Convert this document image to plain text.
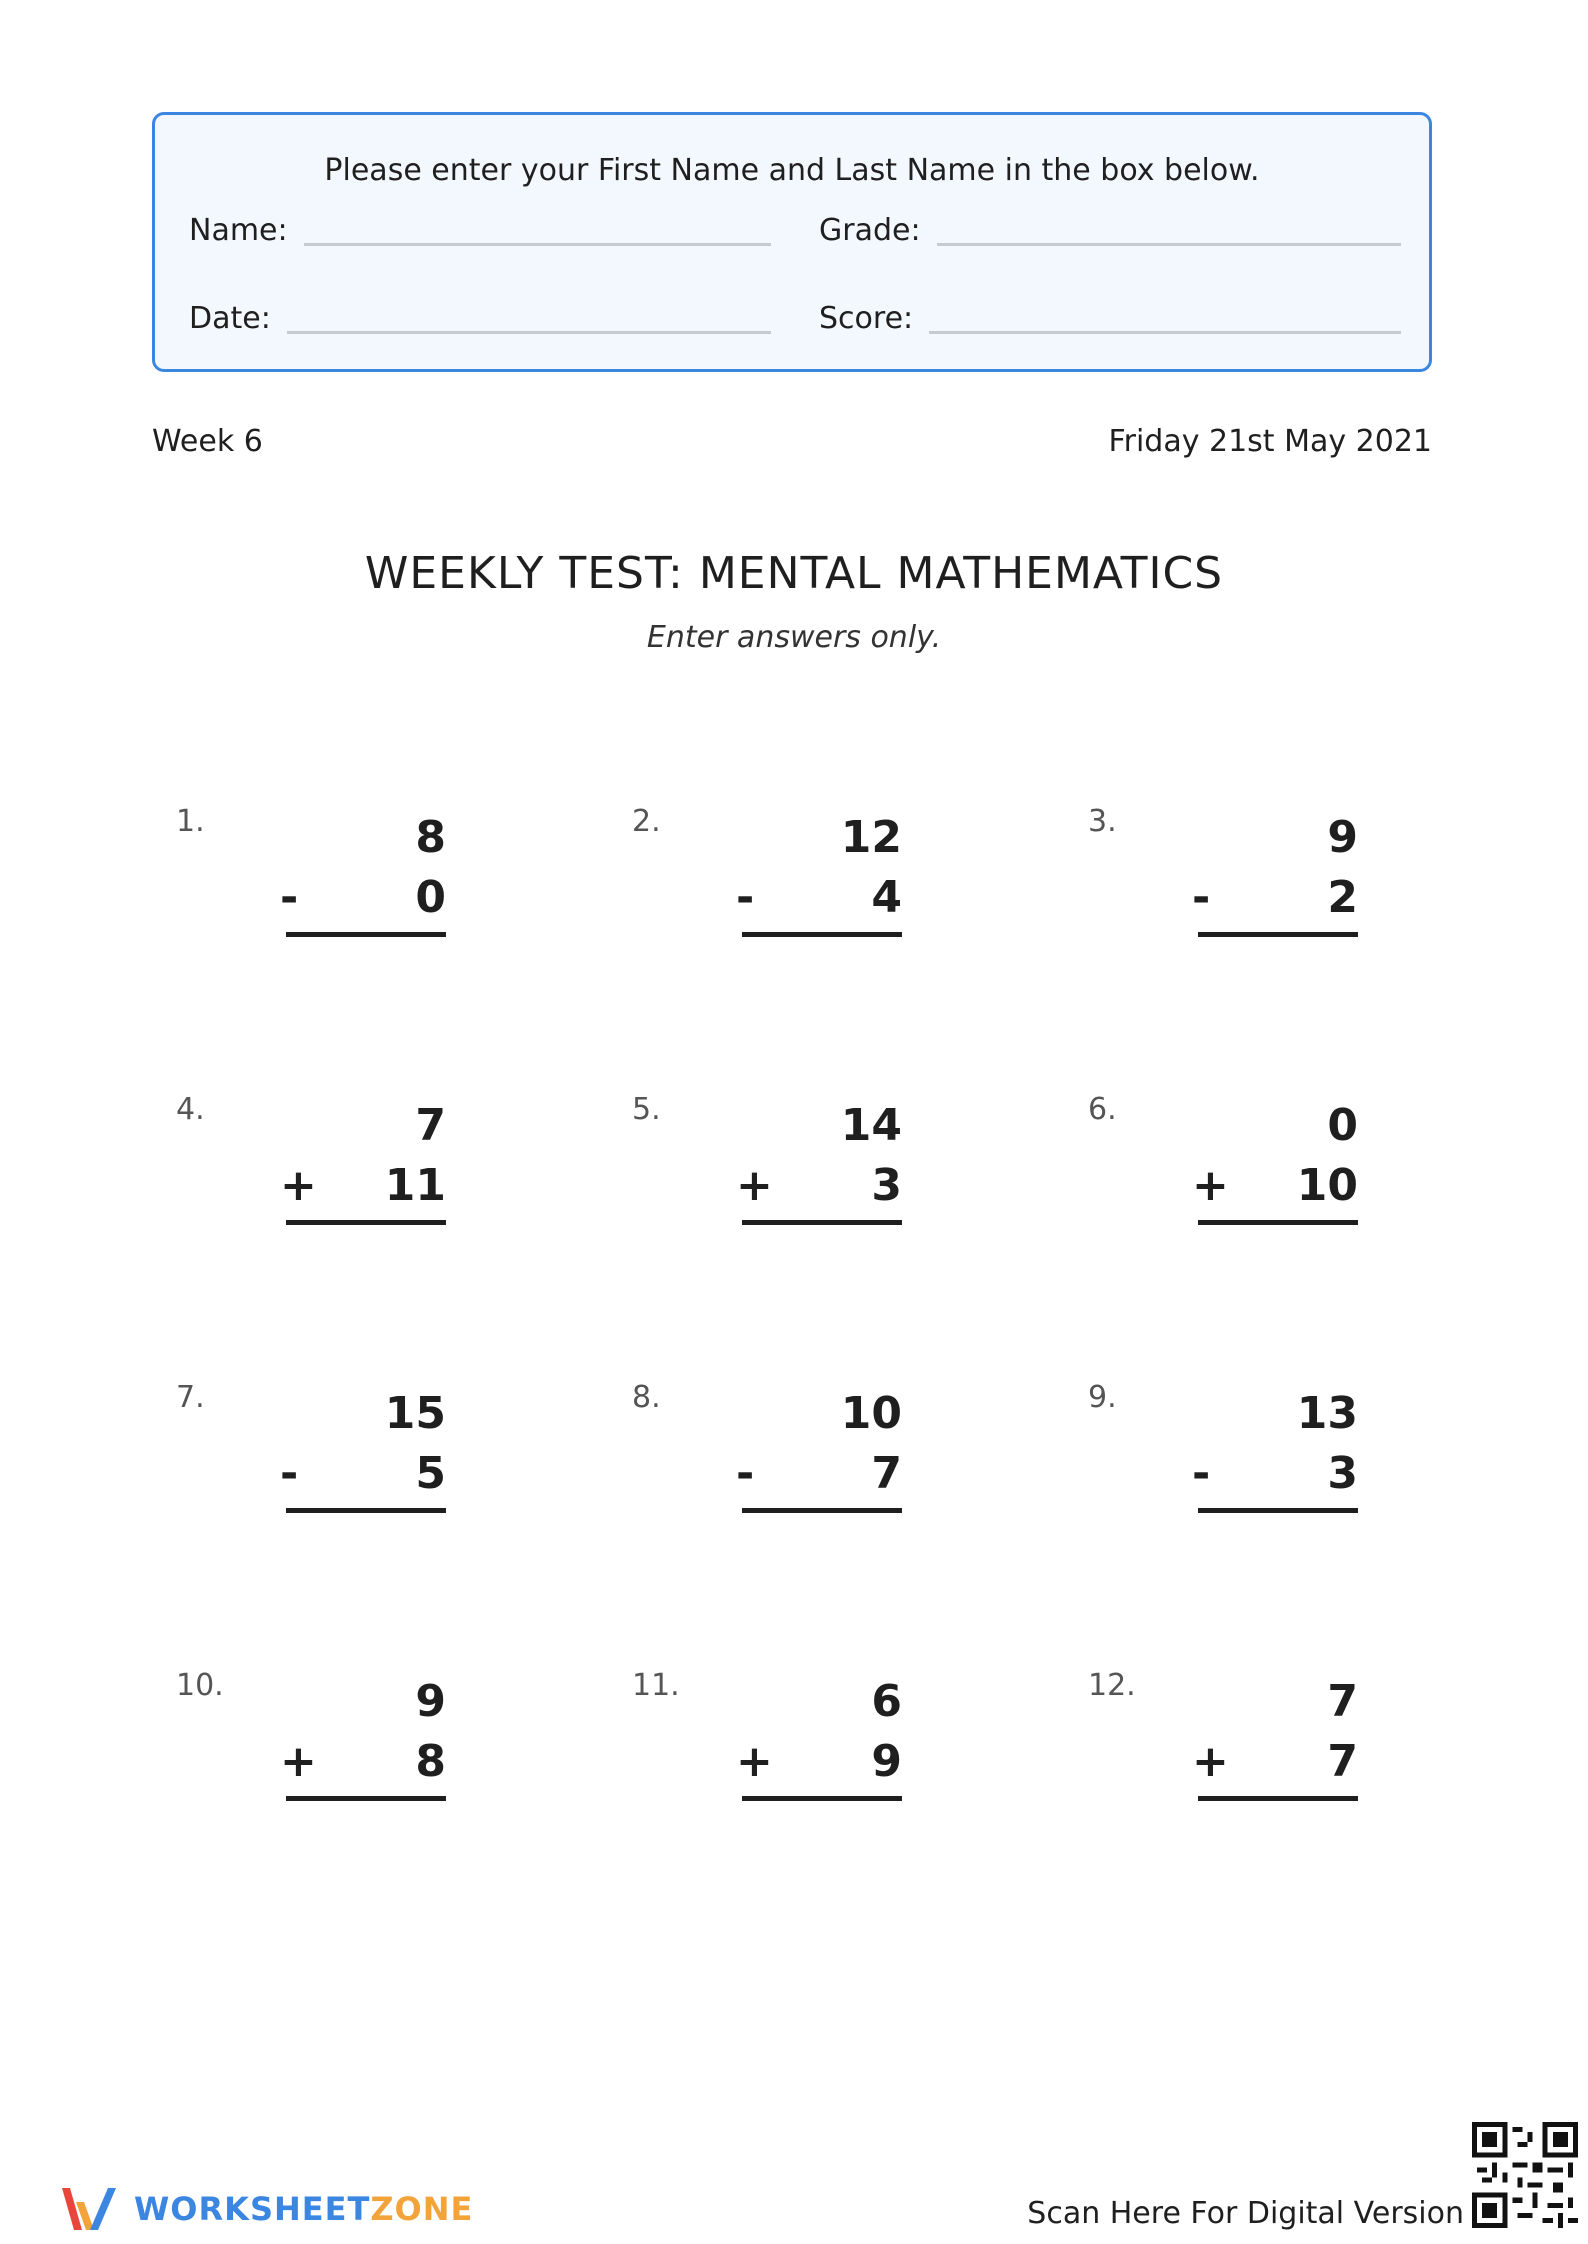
Please enter your First Name and Last Name in the box below.
Name:	Grade:
Date:	Score:
Week 6	Friday 21st May 2021
WEEKLY TEST: MENTAL MATHEMATICS
Enter answers only.
1.	8
-	0
2.	12
-	4
3.	9
-	2
4.	7
+ 11
5.	14
+ 3
6.	0
+ 10
7.	15
-	5
8.	10
-	7
9.	13
-	3
10.	9
+ 8
11.	6
+ 9
12.	7
+ 7
WORKSHEETZONE	Scan Here For Digital Version
